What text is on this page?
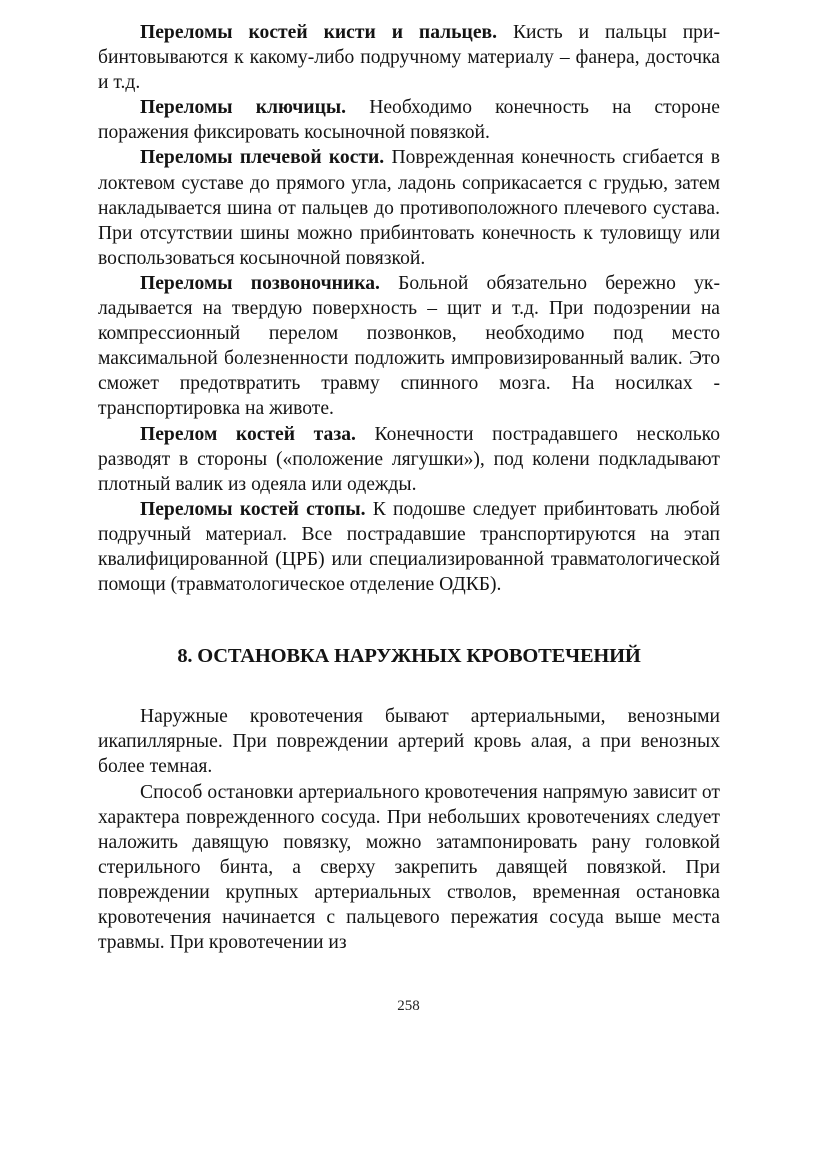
Переломы костей кисти и пальцев. Кисть и пальцы прибинтовываются к какому-либо подручному материалу – фанера, досточка и т.д.

Переломы ключицы. Необходимо конечность на стороне поражения фиксировать косыночной повязкой.

Переломы плечевой кости. Поврежденная конечность сгибается в локтевом суставе до прямого угла, ладонь соприкасается с грудью, затем накладывается шина от пальцев до противоположного плечевого сустава. При отсутствии шины можно прибинтовать конечность к туловищу или воспользоваться косыночной повязкой.

Переломы позвоночника. Больной обязательно бережно укладывается на твердую поверхность – щит и т.д. При подозрении на компрессионный перелом позвонков, необходимо под место максимальной болезненности подложить импровизированный валик. Это сможет предотвратить травму спинного мозга. На носилках - транспортировка на животе.

Перелом костей таза. Конечности пострадавшего несколько разводят в стороны («положение лягушки»), под колени подкладывают плотный валик из одеяла или одежды.

Переломы костей стопы. К подошве следует прибинтовать любой подручный материал. Все пострадавшие транспортируются на этап квалифицированной (ЦРБ) или специализированной травматологической помощи (травматологическое отделение ОДКБ).

8. ОСТАНОВКА НАРУЖНЫХ КРОВОТЕЧЕНИЙ

Наружные кровотечения бывают артериальными, венозными икапиллярные. При повреждении артерий кровь алая, а при венозных более темная.

Способ остановки артериального кровотечения напрямую зависит от характера поврежденного сосуда. При небольших кровотечениях следует наложить давящую повязку, можно затампонировать рану головкой стерильного бинта, а сверху закрепить давящей повязкой. При повреждении крупных артериальных стволов, временная остановка кровотечения начинается с пальцевого пережатия сосуда выше места травмы. При кровотечении из

258
